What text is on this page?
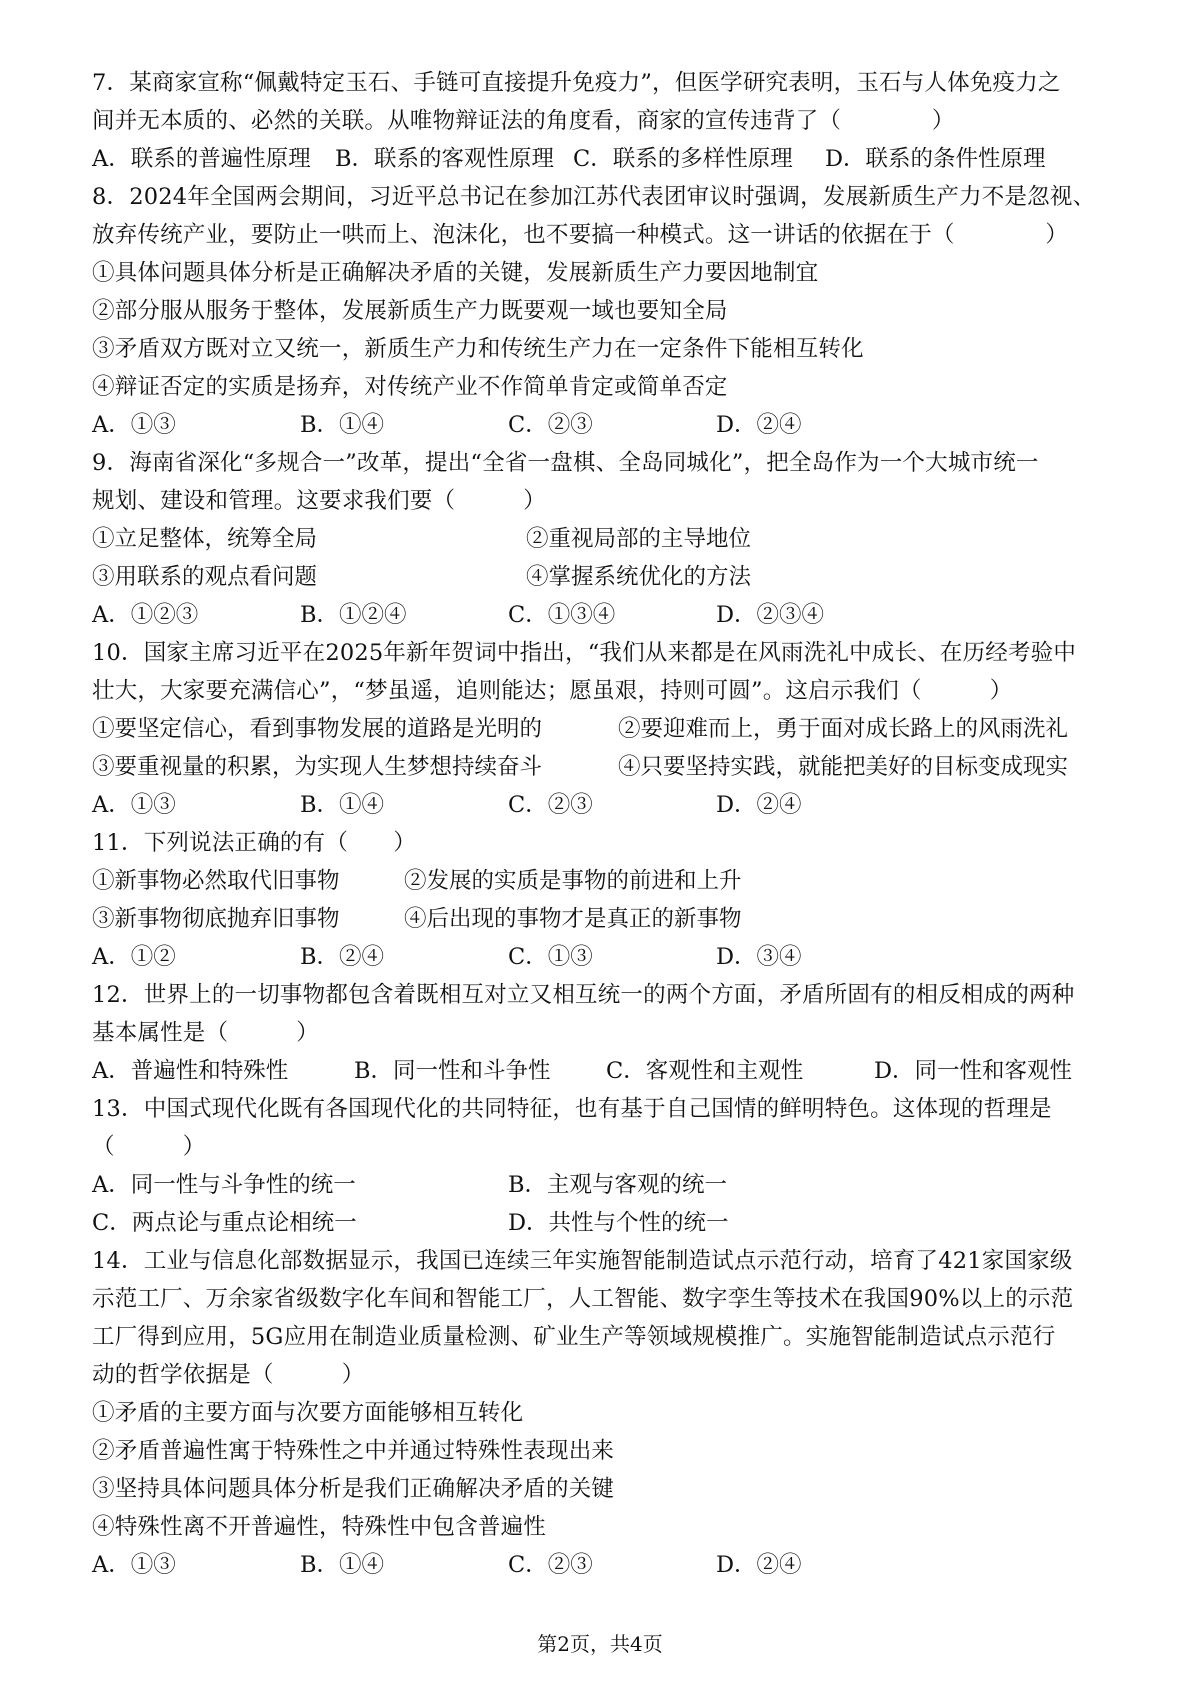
7．某商家宣称“佩戴特定玉石、手链可直接提升免疫力”，但医学研究表明，玉石与人体免疫力之
间并无本质的、必然的关联。从唯物辩证法的角度看，商家的宣传违背了（　　　　）
A．联系的普遍性原理	B．联系的客观性原理 C．联系的多样性原理	D．联系的条件性原理
8．2024年全国两会期间，习近平总书记在参加江苏代表团审议时强调，发展新质生产力不是忽视、
放弃传统产业，要防止一哄而上、泡沫化，也不要搞一种模式。这一讲话的依据在于（　　　　）
①具体问题具体分析是正确解决矛盾的关键，发展新质生产力要因地制宜
②部分服从服务于整体，发展新质生产力既要观一域也要知全局
③矛盾双方既对立又统一，新质生产力和传统生产力在一定条件下能相互转化
④辩证否定的实质是扬弃，对传统产业不作简单肯定或简单否定
A．①③	B．①④	C．②③	D．②④
9．海南省深化“多规合一”改革，提出“全省一盘棋、全岛同城化”，把全岛作为一个大城市统一
规划、建设和管理。这要求我们要（　　　）
①立足整体，统筹全局	②重视局部的主导地位
③用联系的观点看问题	④掌握系统优化的方法
A．①②③	B．①②④	C．①③④	D．②③④
10．国家主席习近平在2025年新年贺词中指出，“我们从来都是在风雨洗礼中成长、在历经考验中
壮大，大家要充满信心”，“梦虽遥，追则能达；愿虽艰，持则可圆”。这启示我们（　　　）
①要坚定信心，看到事物发展的道路是光明的	②要迎难而上，勇于面对成长路上的风雨洗礼
③要重视量的积累，为实现人生梦想持续奋斗	④只要坚持实践，就能把美好的目标变成现实
A．①③	B．①④	C．②③	D．②④
11．下列说法正确的有（　　）
①新事物必然取代旧事物	②发展的实质是事物的前进和上升
③新事物彻底抛弃旧事物	④后出现的事物才是真正的新事物
A．①②	B．②④	C．①③	D．③④
12．世界上的一切事物都包含着既相互对立又相互统一的两个方面，矛盾所固有的相反相成的两种
基本属性是（　　　）
A．普遍性和特殊性	B．同一性和斗争性	C．客观性和主观性	D．同一性和客观性
13．中国式现代化既有各国现代化的共同特征，也有基于自己国情的鲜明特色。这体现的哲理是
（　　　）
A．同一性与斗争性的统一	B．主观与客观的统一
C．两点论与重点论相统一	D．共性与个性的统一
14．工业与信息化部数据显示，我国已连续三年实施智能制造试点示范行动，培育了421家国家级
示范工厂、万余家省级数字化车间和智能工厂，人工智能、数字孪生等技术在我国90%以上的示范
工厂得到应用，5G应用在制造业质量检测、矿业生产等领域规模推广。实施智能制造试点示范行
动的哲学依据是（　　　）
①矛盾的主要方面与次要方面能够相互转化
②矛盾普遍性寓于特殊性之中并通过特殊性表现出来
③坚持具体问题具体分析是我们正确解决矛盾的关键
④特殊性离不开普遍性，特殊性中包含普遍性
A．①③	B．①④	C．②③	D．②④
第2页，共4页
